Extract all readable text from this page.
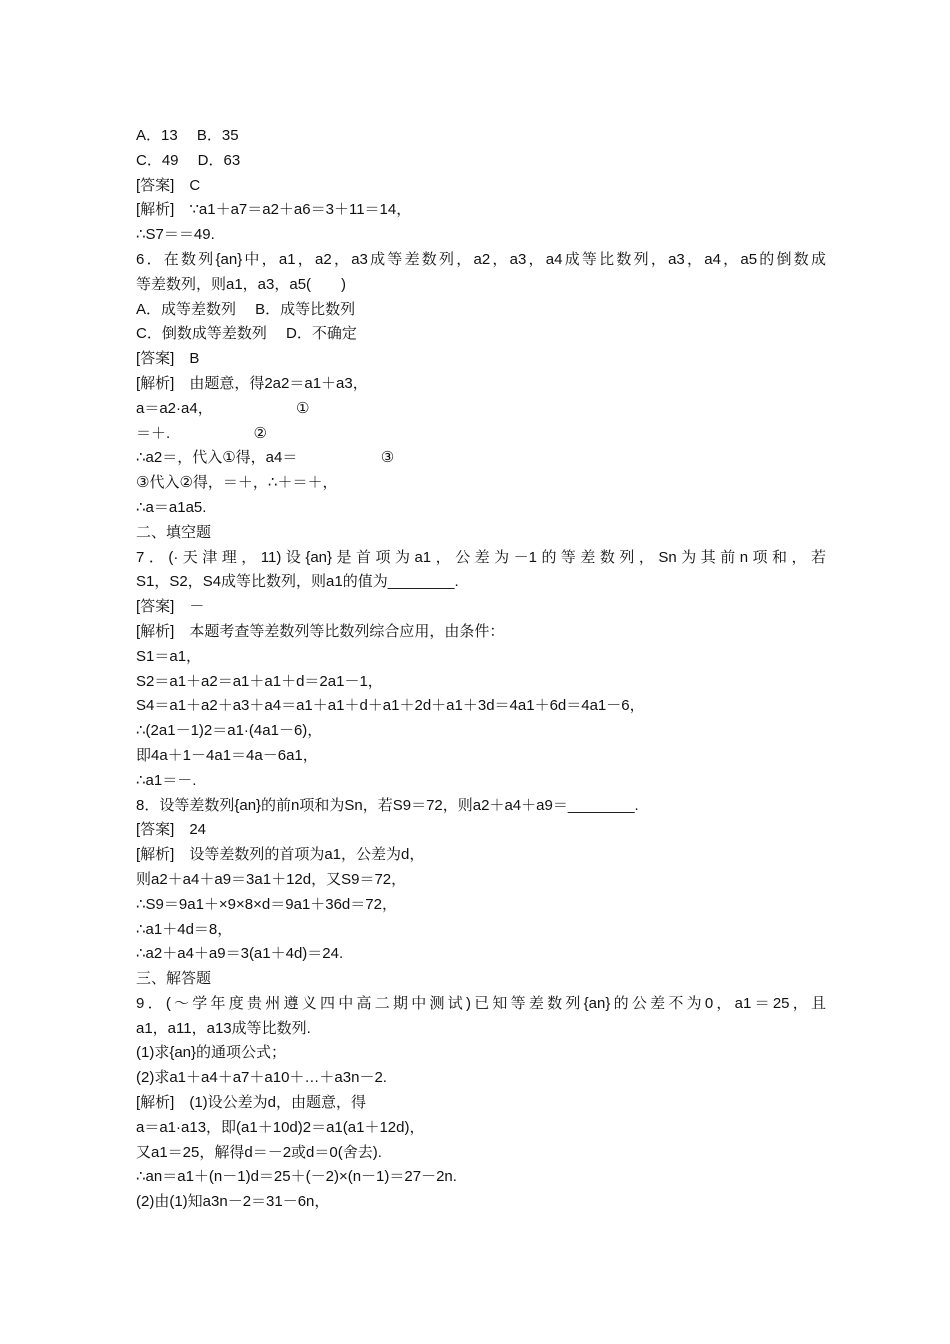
A．13　 B．35
C．49　 D．63
[答案]　C
[解析]　∵a1＋a7＝a2＋a6＝3＋11＝14，
∴S7＝＝49.
6．在数列{an}中，a1，a2，a3成等差数列，a2，a3，a4成等比数列，a3，a4，a5的倒数成
等差数列，则a1，a3，a5(　　)
A．成等差数列　 B．成等比数列
C．倒数成等差数列　 D．不确定
[答案]　B
[解析]　由题意，得2a2＝a1＋a3，
a＝a2·a4，                    ①
＝＋.                    ②
∴a2＝，代入①得，a4＝                    ③
③代入②得，＝＋，∴＋＝＋，
∴a＝a1a5.
二、填空题
7．(·天津理，11)设{an}是首项为a1，公差为－1的等差数列，Sn为其前n项和，若
S1，S2，S4成等比数列，则a1的值为________.
[答案]　－
[解析]　本题考查等差数列等比数列综合应用，由条件：
S1＝a1，
S2＝a1＋a2＝a1＋a1＋d＝2a1－1，
S4＝a1＋a2＋a3＋a4＝a1＋a1＋d＋a1＋2d＋a1＋3d＝4a1＋6d＝4a1－6，
∴(2a1－1)2＝a1·(4a1－6)，
即4a＋1－4a1＝4a－6a1，
∴a1＝－.
8．设等差数列{an}的前n项和为Sn，若S9＝72，则a2＋a4＋a9＝________.
[答案]　24
[解析]　设等差数列的首项为a1，公差为d，
则a2＋a4＋a9＝3a1＋12d，又S9＝72，
∴S9＝9a1＋×9×8×d＝9a1＋36d＝72，
∴a1＋4d＝8，
∴a2＋a4＋a9＝3(a1＋4d)＝24.
三、解答题
9．(～学年度贵州遵义四中高二期中测试)已知等差数列{an}的公差不为0，a1＝25，且
a1，a11，a13成等比数列.
(1)求{an}的通项公式；
(2)求a1＋a4＋a7＋a10＋…＋a3n－2.
[解析]　(1)设公差为d，由题意，得
a＝a1·a13，即(a1＋10d)2＝a1(a1＋12d)，
又a1＝25，解得d＝－2或d＝0(舍去).
∴an＝a1＋(n－1)d＝25＋(－2)×(n－1)＝27－2n.
(2)由(1)知a3n－2＝31－6n，
